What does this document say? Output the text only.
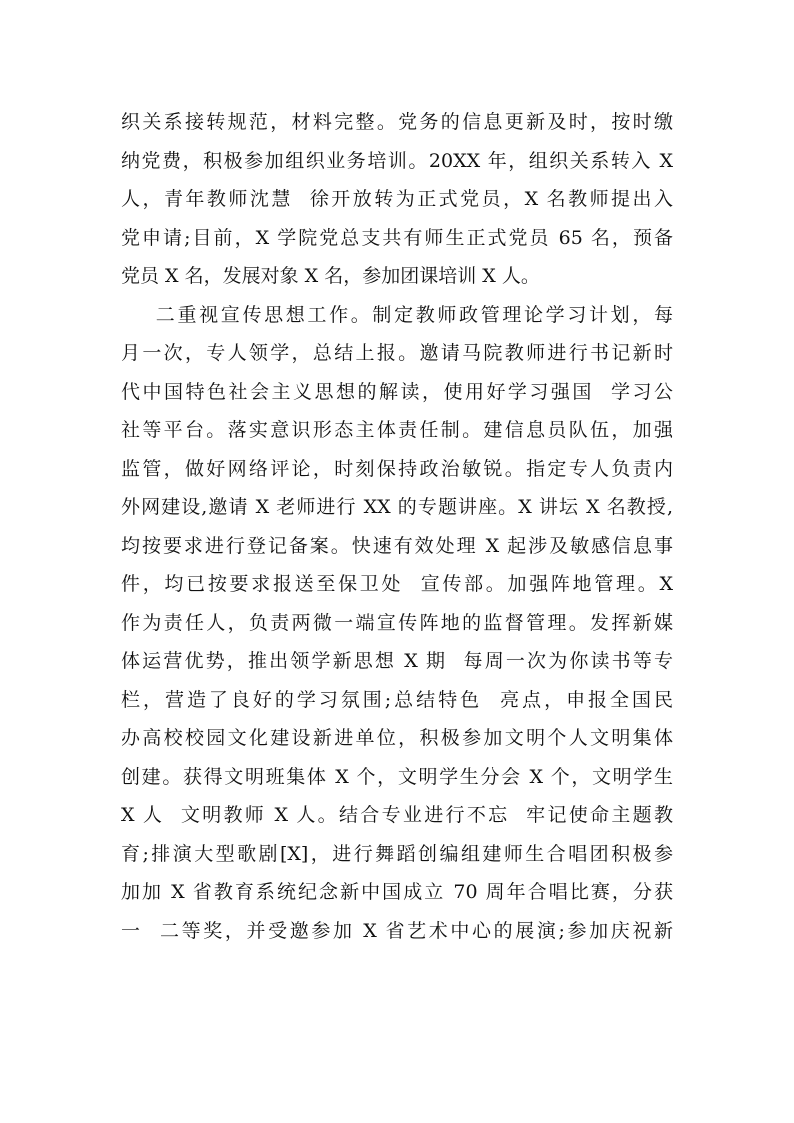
织关系接转规范，材料完整。党务的信息更新及时，按时缴
纳党费，积极参加组织业务培训。20XX 年，组织关系转入 X
人，青年教师沈慧  徐开放转为正式党员，X 名教师提出入
党申请;目前，X 学院党总支共有师生正式党员 65 名，预备
党员 X 名，发展对象 X 名，参加团课培训 X 人。
二重视宣传思想工作。制定教师政管理论学习计划，每
月一次，专人领学，总结上报。邀请马院教师进行书记新时
代中国特色社会主义思想的解读，使用好学习强国  学习公
社等平台。落实意识形态主体责任制。建信息员队伍，加强
监管，做好网络评论，时刻保持政治敏锐。指定专人负责内
外网建设,邀请 X 老师进行 XX 的专题讲座。X 讲坛 X 名教授,
均按要求进行登记备案。快速有效处理 X 起涉及敏感信息事
件，均已按要求报送至保卫处  宣传部。加强阵地管理。X
作为责任人，负责两微一端宣传阵地的监督管理。发挥新媒
体运营优势，推出领学新思想 X 期  每周一次为你读书等专
栏，营造了良好的学习氛围;总结特色  亮点，申报全国民
办高校校园文化建设新进单位，积极参加文明个人文明集体
创建。获得文明班集体 X 个，文明学生分会 X 个，文明学生
X 人  文明教师 X 人。结合专业进行不忘  牢记使命主题教
育;排演大型歌剧[X]，进行舞蹈创编组建师生合唱团积极参
加加 X 省教育系统纪念新中国成立 70 周年合唱比赛，分获
一  二等奖，并受邀参加 X 省艺术中心的展演;参加庆祝新
